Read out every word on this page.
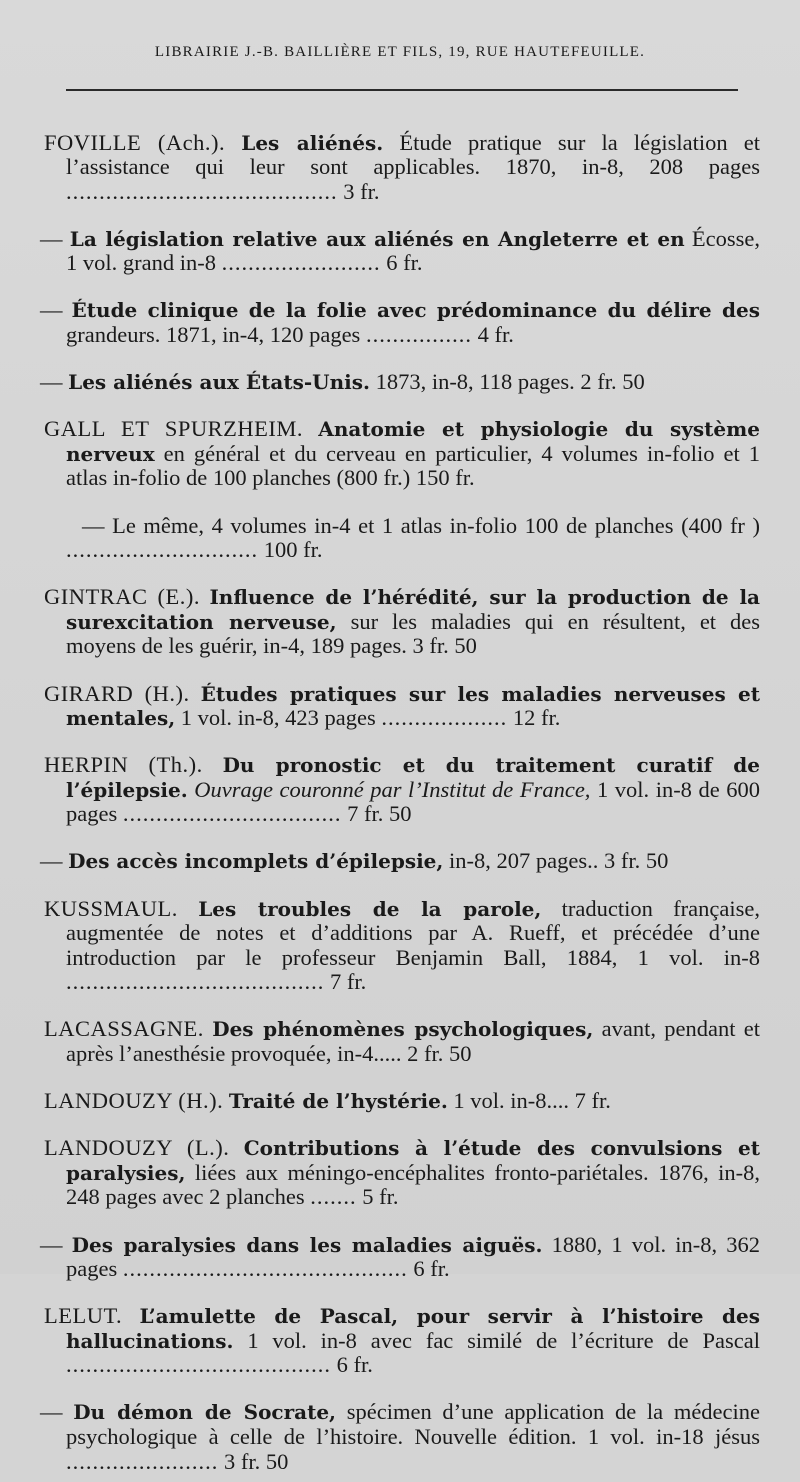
LIBRAIRIE J.-B. BAILLIÈRE ET FILS, 19, RUE HAUTEFEUILLE.

FOVILLE (Ach.). Les aliénés. Étude pratique sur la législation et l’assistance qui leur sont applicables. 1870, in-8, 208 pages ......................................... 3 fr.

— La législation relative aux aliénés en Angleterre et en Écosse, 1 vol. grand in-8 ........................ 6 fr.

— Étude clinique de la folie avec prédominance du délire des grandeurs. 1871, in-4, 120 pages ................ 4 fr.

— Les aliénés aux États-Unis. 1873, in-8, 118 pages. 2 fr. 50

GALL ET SPURZHEIM. Anatomie et physiologie du système nerveux en général et du cerveau en particulier, 4 volumes in-folio et 1 atlas in-folio de 100 planches (800 fr.) 150 fr.

— Le même, 4 volumes in-4 et 1 atlas in-folio 100 de planches (400 fr ) ............................. 100 fr.

GINTRAC (E.). Influence de l’hérédité, sur la production de la surexcitation nerveuse, sur les maladies qui en résultent, et des moyens de les guérir, in-4, 189 pages. 3 fr. 50

GIRARD (H.). Études pratiques sur les maladies nerveuses et mentales, 1 vol. in-8, 423 pages ................... 12 fr.

HERPIN (Th.). Du pronostic et du traitement curatif de l’épilepsie. Ouvrage couronné par l’Institut de France, 1 vol. in-8 de 600 pages ................................. 7 fr. 50

— Des accès incomplets d’épilepsie, in-8, 207 pages.. 3 fr. 50

KUSSMAUL. Les troubles de la parole, traduction française, augmentée de notes et d’additions par A. Rueff, et précédée d’une introduction par le professeur Benjamin Ball, 1884, 1 vol. in-8 ....................................... 7 fr.

LACASSAGNE. Des phénomènes psychologiques, avant, pendant et après l’anesthésie provoquée, in-4..... 2 fr. 50

LANDOUZY (H.). Traité de l’hystérie. 1 vol. in-8.... 7 fr.

LANDOUZY (L.). Contributions à l’étude des convulsions et paralysies, liées aux méningo-encéphalites fronto-pariétales. 1876, in-8, 248 pages avec 2 planches ....... 5 fr.

— Des paralysies dans les maladies aiguës. 1880, 1 vol. in-8, 362 pages ........................................... 6 fr.

LELUT. L’amulette de Pascal, pour servir à l’histoire des hallucinations. 1 vol. in-8 avec fac similé de l’écriture de Pascal ........................................ 6 fr.

— Du démon de Socrate, spécimen d’une application de la médecine psychologique à celle de l’histoire. Nouvelle édition. 1 vol. in-18 jésus ....................... 3 fr. 50
